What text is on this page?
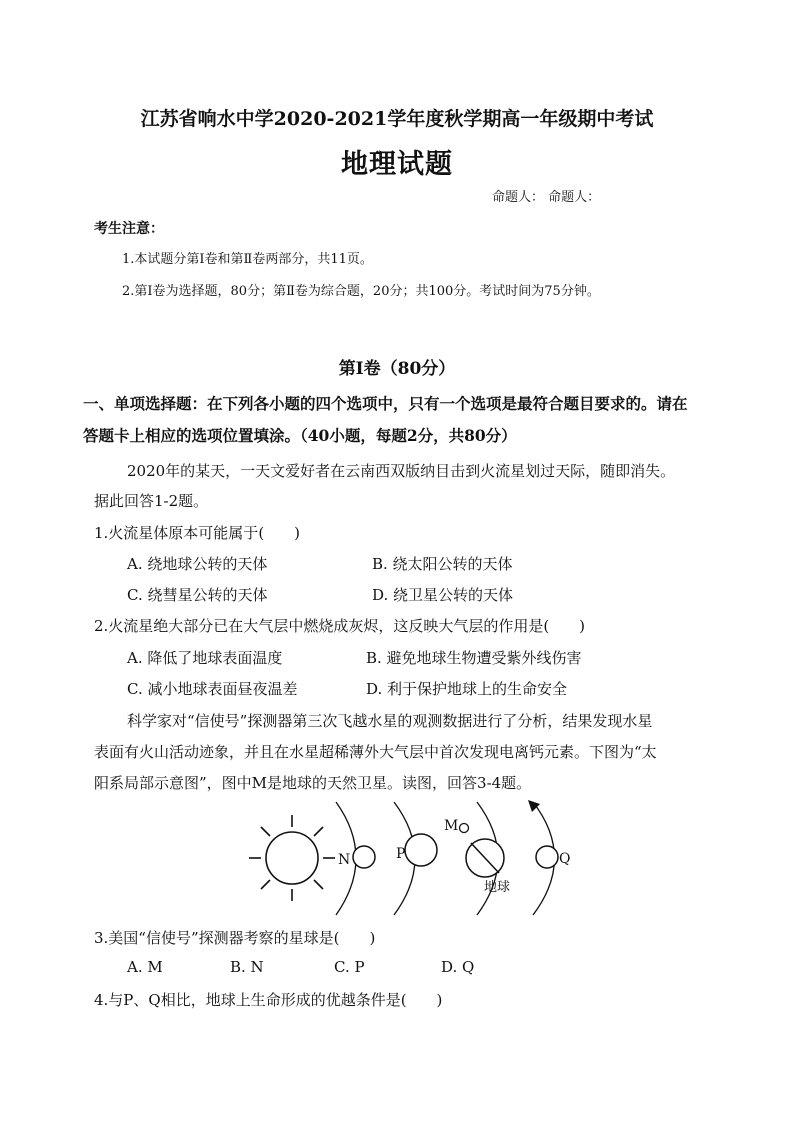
江苏省响水中学2020-2021学年度秋学期高一年级期中考试
地理试题
命题人： 命题人：
考生注意：
1.本试题分第Ⅰ卷和第Ⅱ卷两部分，共11页。
2.第Ⅰ卷为选择题，80分；第Ⅱ卷为综合题，20分；共100分。考试时间为75分钟。
第Ⅰ卷（80分）
一、单项选择题：在下列各小题的四个选项中，只有一个选项是最符合题目要求的。请在
答题卡上相应的选项位置填涂。（40小题，每题2分，共80分）
2020年的某天，一天文爱好者在云南西双版纳目击到火流星划过天际，随即消失。
据此回答1-2题。
1.火流星体原本可能属于(　　)
A. 绕地球公转的天体	B. 绕太阳公转的天体
C. 绕彗星公转的天体	D. 绕卫星公转的天体
2.火流星绝大部分已在大气层中燃烧成灰烬，这反映大气层的作用是(　　)
A. 降低了地球表面温度	B. 避免地球生物遭受紫外线伤害
C. 减小地球表面昼夜温差	D. 利于保护地球上的生命安全
科学家对“信使号”探测器第三次飞越水星的观测数据进行了分析，结果发现水星
表面有火山活动迹象，并且在水星超稀薄外大气层中首次发现电离钙元素。下图为“太
阳系局部示意图”，图中M是地球的天然卫星。读图，回答3-4题。
N	P
M
地球
Q
3.美国“信使号”探测器考察的星球是(　　)
A. M	B. N	C. P	D. Q
4.与P、Q相比，地球上生命形成的优越条件是(　　)
